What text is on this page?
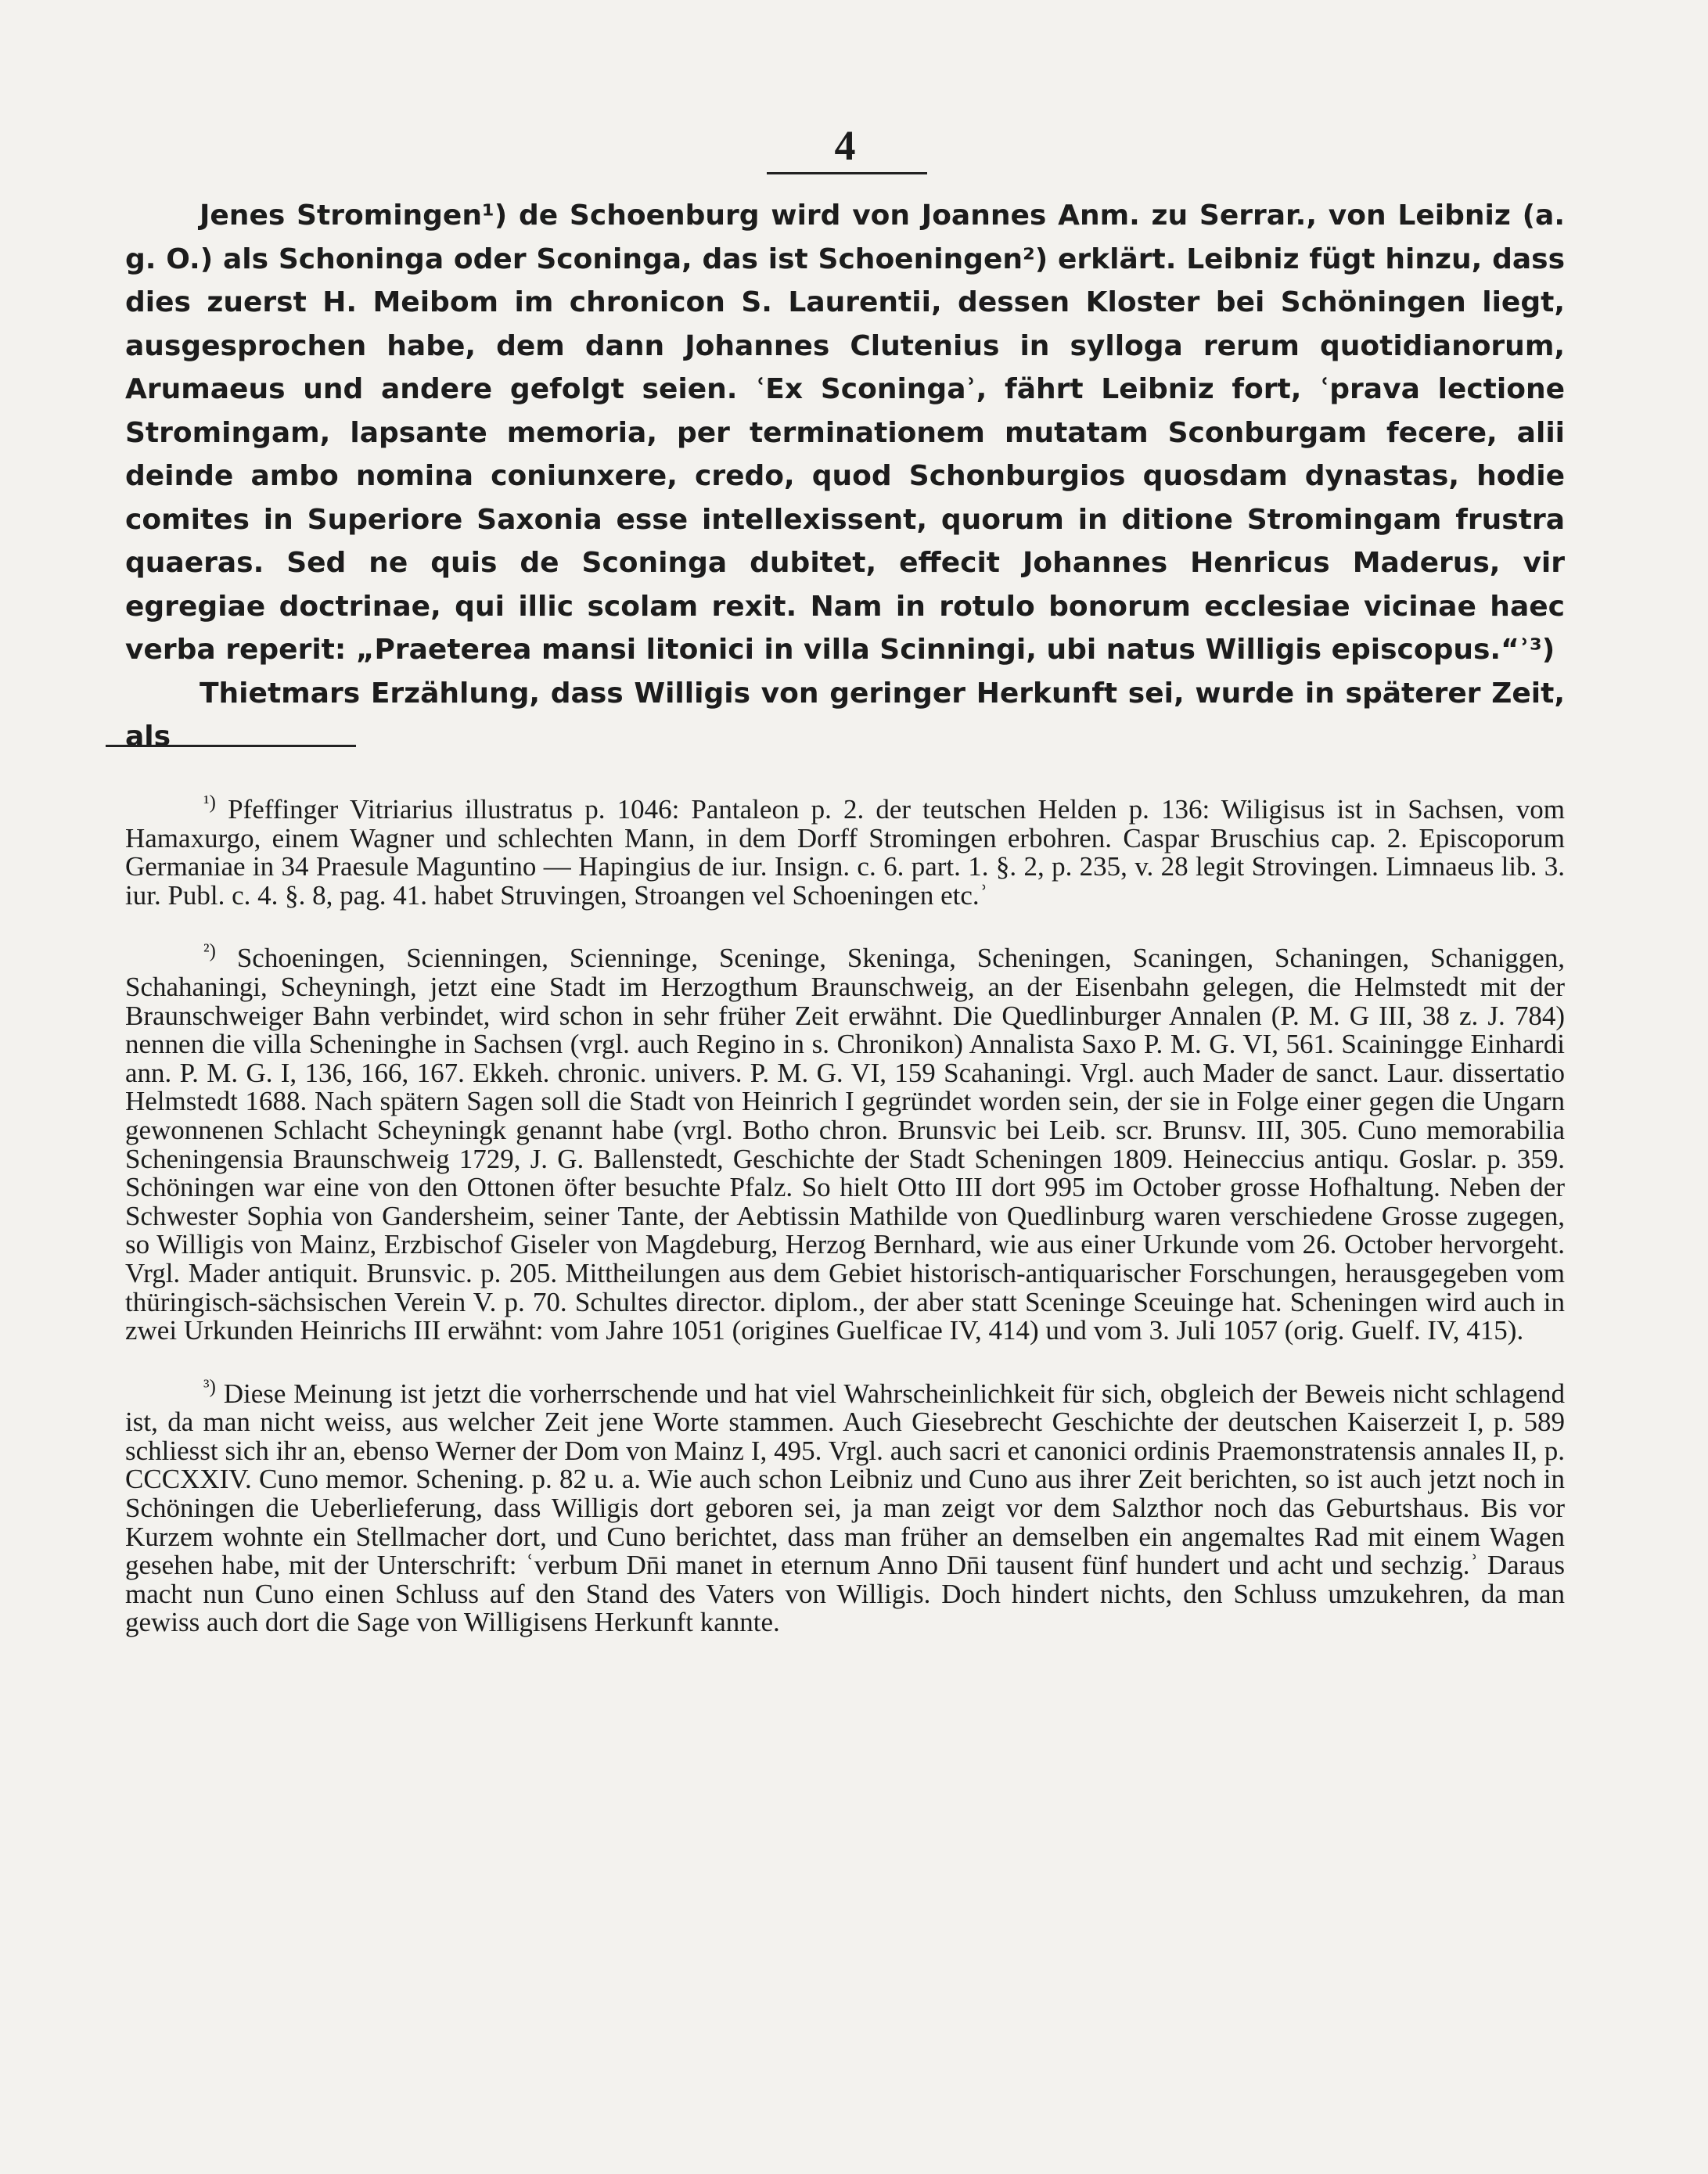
4

Jenes Strominge⁠n¹) de Schoenburg wird von Joannes Anm. zu Serrar., von Leibniz (a. g. O.) als Schoninga oder Sconinga, das ist Schoeningen²) erklärt. Leibniz fügt hinzu, dass dies zuerst H. Meibom im chronicon S. Laurentii, dessen Kloster bei Schöningen liegt, ausgesprochen habe, dem dann Johannes Clutenius in sylloga rerum quotidianorum, Arumaeus und andere gefolgt seien. ʿEx Sconingaʾ, fährt Leibniz fort, ʿprava lectione Stromingam, lapsante memoria, per terminationem mutatam Sconburgam fecere, alii deinde ambo nomina coniunxere, credo, quod Schonburgios quosdam dynastas, hodie comites in Superiore Saxonia esse intellexissent, quorum in ditione Stromingam frustra quaeras. Sed ne quis de Sconinga dubitet, effecit Johannes Henricus Maderus, vir egregiae doctrinae, qui illic scolam rexit. Nam in rotulo bonorum ecclesiae vicinae haec verba reperit: „Praeterea mansi litonici in villa Scinningi, ubi natus Willigis episcopus.“ʾ³)

Thietmars Erzählung, dass Willigis von geringer Herkunft sei, wurde in späterer Zeit, als

$^{^1)}$ Pfeffinger Vitriarius illustratus p. 1046: Pantaleon p. 2. der teutschen Helden p. 136: Wiligisus ist in Sachsen, vom Hamaxurgo, einem Wagner und schlechten Mann, in dem Dorff Strominge⁠n erbohren. Caspar Bruschius cap. 2. Episcoporum Germaniae in 34 Praesule Maguntino — Hapingius de iur. Insign. c. 6. part. 1. §. 2, p. 235, v. 28 legit Strovingen. Limnaeus lib. 3. iur. Publ. c. 4. §. 8, pag. 41. habet Struvingen, Stroangen vel Schoeningen etc.ʾ

$^{^2)}$ Schoeningen, Scienningen, Scienninge, Sceninge, Skeninga, Scheningen, Scaningen, Schaningen, Schaniggen, Schahaningi, Scheyningh, jetzt eine Stadt im Herzogthum Braunschweig, an der Eisenbahn gelegen, die Helmstedt mit der Braunschweiger Bahn verbindet, wird schon in sehr früher Zeit erwähnt. Die Quedlinburger Annalen (P. M. G III, 38 z. J. 784) nennen die villa Scheninghe in Sachsen (vrgl. auch Regino in s. Chronikon) Annalista Saxo P. M. G. VI, 561. Scainingge Einhardi ann. P. M. G. I, 136, 166, 167. Ekkeh. chronic. univers. P. M. G. VI, 159 Scahaningi. Vrgl. auch Mader de sanct. Laur. dissertatio Helmstedt 1688. Nach spätern Sagen soll die Stadt von Heinrich I gegründet worden sein, der sie in Folge einer gegen die Ungarn gewonnenen Schlacht Scheyningk genannt habe (vrgl. Botho chron. Brunsvic bei Leib. scr. Brunsv. III, 305. Cuno memorabilia Scheningensia Braunschweig 1729, J. G. Ballenstedt, Geschichte der Stadt Scheningen 1809. Heineccius antiqu. Goslar. p. 359. Schöningen war eine von den Ottonen öfter besuchte Pfalz. So hielt Otto III dort 995 im October grosse Hofhaltung. Neben der Schwester Sophia von Gandersheim, seiner Tante, der Aebtissin Mathilde von Quedlinburg waren verschiedene Grosse zugegen, so Willigis von Mainz, Erzbischof Giseler von Magdeburg, Herzog Bernhard, wie aus einer Urkunde vom 26. October hervorgeht. Vrgl. Mader antiquit. Brunsvic. p. 205. Mittheilungen aus dem Gebiet historisch-antiquarischer Forschungen, herausgegeben vom thüringisch-sächsischen Verein V. p. 70. Schultes director. diplom., der aber statt Sceninge Sceuinge hat. Scheningen wird auch in zwei Urkunden Heinrichs III erwähnt: vom Jahre 1051 (origines Guelficae IV, 414) und vom 3. Juli 1057 (orig. Guelf. IV, 415).

$^{^3)}$ Diese Meinung ist jetzt die vorherrschende und hat viel Wahrscheinlichkeit für sich, obgleich der Beweis nicht schlagend ist, da man nicht weiss, aus welcher Zeit jene Worte stammen. Auch Giesebrecht Geschichte der deutschen Kaiserzeit I, p. 589 schliesst sich ihr an, ebenso Werner der Dom von Mainz I, 495. Vrgl. auch sacri et canonici ordinis Praemonstratensis annales II, p. CCCXXIV. Cuno memor. Schening. p. 82 u. a. Wie auch schon Leibniz und Cuno aus ihrer Zeit berichten, so ist auch jetzt noch in Schöningen die Ueberlieferung, dass Willigis dort geboren sei, ja man zeigt vor dem Salzthor noch das Geburtshaus. Bis vor Kurzem wohnte ein Stellmacher dort, und Cuno berichtet, dass man früher an demselben ein angemaltes Rad mit einem Wagen gesehen habe, mit der Unterschrift: ʿverbum Dn̄i manet in eternum Anno Dn̄i tausent fünf hundert und acht und sechzig.ʾ Daraus macht nun Cuno einen Schluss auf den Stand des Vaters von Willigis. Doch hindert nichts, den Schluss umzukehren, da man gewiss auch dort die Sage von Willigisens Herkunft kannte.
